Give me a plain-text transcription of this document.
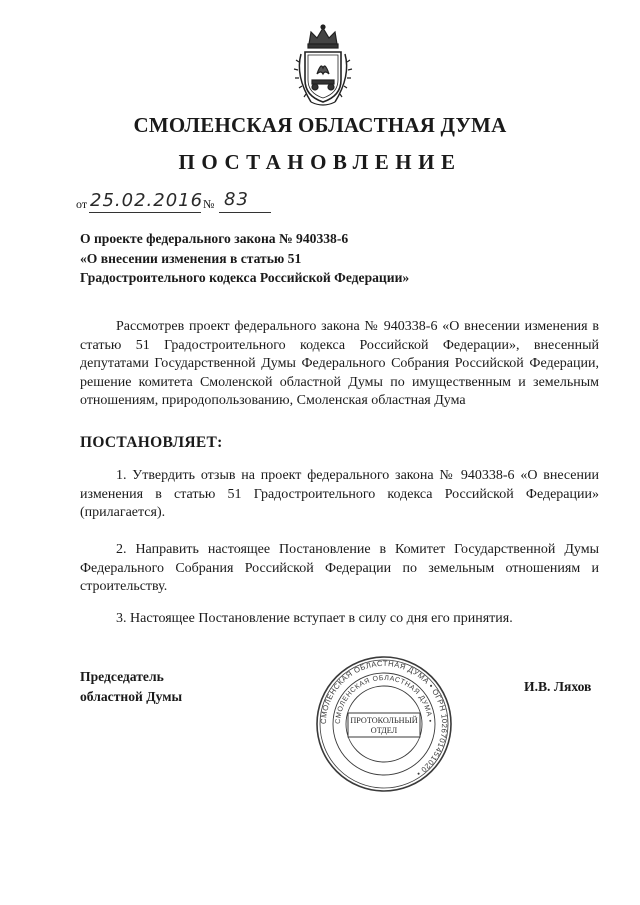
СМОЛЕНСКАЯ ОБЛАСТНАЯ ДУМА
ПОСТАНОВЛЕНИЕ
от 25.02.2016 № 83
О проекте федерального закона № 940338-6
«О внесении изменения в статью 51
Градостроительного кодекса Российской Федерации»
Рассмотрев проект федерального закона № 940338-6 «О внесении изменения в статью 51 Градостроительного кодекса Российской Федерации», внесенный депутатами Государственной Думы Федерального Собрания Российской Федерации, решение комитета Смоленской областной Думы по имущественным и земельным отношениям, природопользованию, Смоленская областная Дума
ПОСТАНОВЛЯЕТ:
1. Утвердить отзыв на проект федерального закона № 940338-6 «О внесении изменения в статью 51 Градостроительного кодекса Российской Федерации» (прилагается).
2. Направить настоящее Постановление в Комитет Государственной Думы Федерального Собрания Российской Федерации по земельным отношениям и строительству.
3. Настоящее Постановление вступает в силу со дня его принятия.
Председатель
областной Думы
И.В. Ляхов
СМОЛЕНСКАЯ ОБЛАСТНАЯ ДУМА • ОГРН 1026701451020 •
СМОЛЕНСКАЯ ОБЛАСТНАЯ ДУМА •
ПРОТОКОЛЬНЫЙ
ОТДЕЛ
